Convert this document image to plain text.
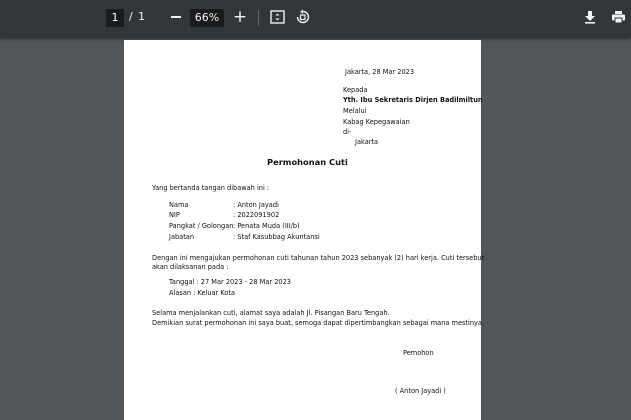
1 / 1	66% +
Jakarta, 28 Mar 2023
Kepada
Yth. Ibu Sekretaris Dirjen Badilmiltun
Melalui
Kabag Kepegawaian
di-
Jakarta
Permohonan Cuti
Yang bertanda tangan dibawah ini :
Nama	: Anton Jayadi
NIP	: 2022091902
Pangkat / Golongan : Penata Muda (III/b)
Jabatan	: Staf Kasubbag Akuntansi
Dengan ini mengajukan permohonan cuti tahunan tahun 2023 sebanyak (2) hari kerja. Cuti tersebut
akan dilaksanan pada :
Tanggal : 27 Mar 2023 - 28 Mar 2023
Alasan : Keluar Kota
Selama menjalankan cuti, alamat saya adalah Jl. Pisangan Baru Tengah.
Demikian surat permohonan ini saya buat, semoga dapat dipertimbangkan sebagai mana mestinya.
Pemohon
( Anton Jayadi )
